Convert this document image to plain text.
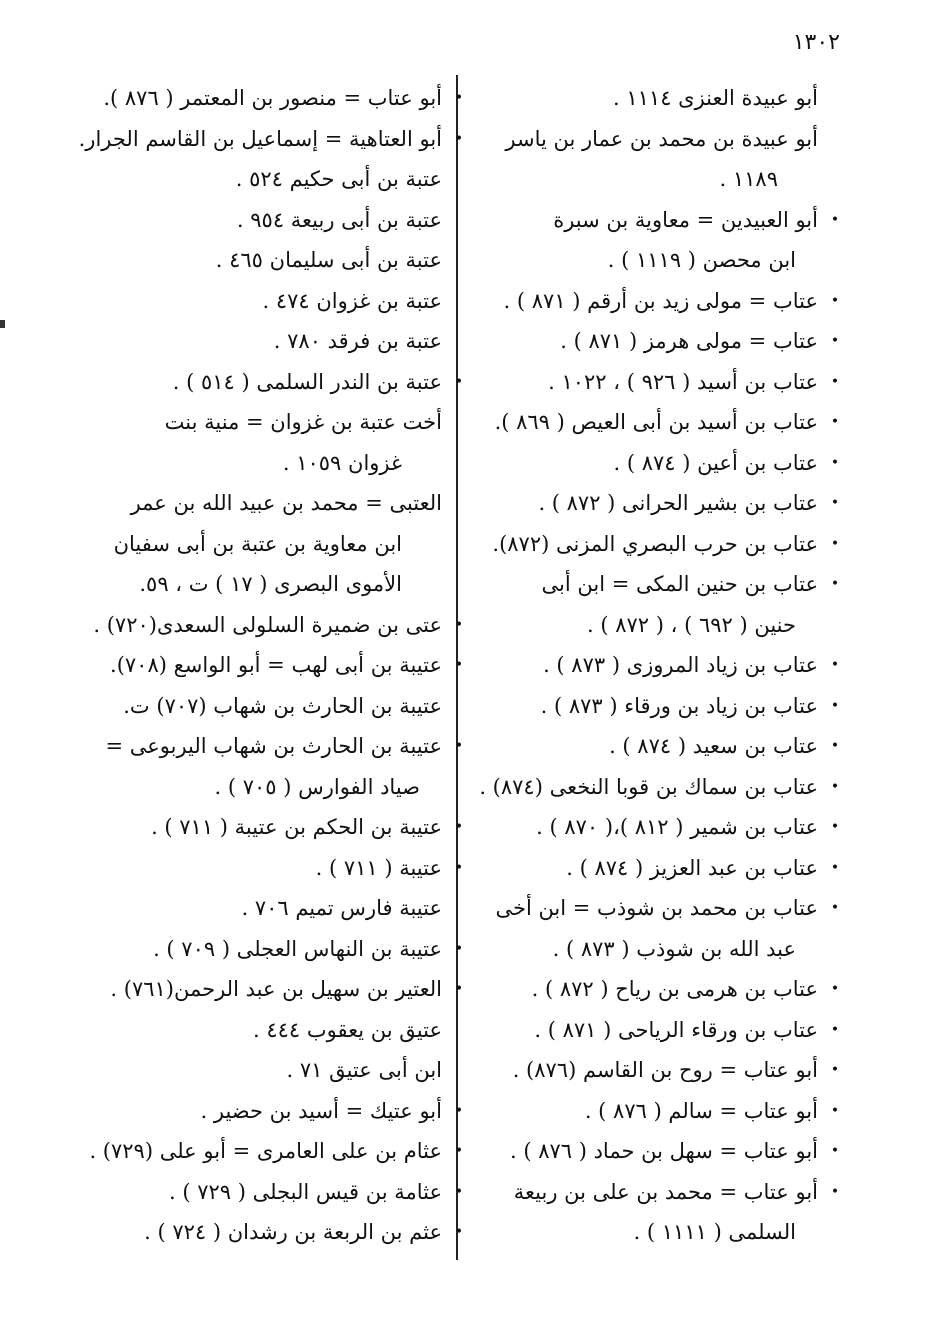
١٣٠٢
أبو عبيدة العنزى ١١١٤ .
أبو عبيدة بن محمد بن عمار بن ياسر
١١٨٩ .
•
أبو العبيدين = معاوية بن سبرة
ابن محصن ( ١١١٩ ) .
•
عتاب = مولى زيد بن أرقم ( ٨٧١ ) .
•
عتاب = مولى هرمز ( ٨٧١ ) .
•
عتاب بن أسيد ( ٩٢٦ ) ، ١٠٢٢ .
•
عتاب بن أسيد بن أبى العيص ( ٨٦٩ ).
•
عتاب بن أعين ( ٨٧٤ ) .
•
عتاب بن بشير الحرانى ( ٨٧٢ ) .
•
عتاب بن حرب البصري المزنى (٨٧٢).
•
عتاب بن حنين المكى = ابن أبى
حنين ( ٦٩٢ ) ، ( ٨٧٢ ) .
•
عتاب بن زياد المروزى ( ٨٧٣ ) .
•
عتاب بن زياد بن ورقاء ( ٨٧٣ ) .
•
عتاب بن سعيد ( ٨٧٤ ) .
•
عتاب بن سماك بن قوبا النخعى (٨٧٤) .
•
عتاب بن شمير ( ٨١٢ )،( ٨٧٠ ) .
•
عتاب بن عبد العزيز ( ٨٧٤ ) .
•
عتاب بن محمد بن شوذب = ابن أخى
عبد الله بن شوذب ( ٨٧٣ ) .
•
عتاب بن هرمى بن رياح ( ٨٧٢ ) .
•
عتاب بن ورقاء الرياحى ( ٨٧١ ) .
•
أبو عتاب = روح بن القاسم (٨٧٦) .
•
أبو عتاب = سالم ( ٨٧٦ ) .
•
أبو عتاب = سهل بن حماد ( ٨٧٦ ) .
•
أبو عتاب = محمد بن على بن ربيعة
السلمى ( ١١١١ ) .
•
أبو عتاب = منصور بن المعتمر ( ٨٧٦ ).
•
أبو العتاهية = إسماعيل بن القاسم الجرار.
عتبة بن أبى حكيم ٥٢٤ .
عتبة بن أبى ربيعة ٩٥٤ .
عتبة بن أبى سليمان ٤٦٥ .
عتبة بن غزوان ٤٧٤ .
عتبة بن فرقد ٧٨٠ .
•
عتبة بن الندر السلمى ( ٥١٤ ) .
أخت عتبة بن غزوان = منية بنت
غزوان ١٠٥٩ .
العتبى = محمد بن عبيد الله بن عمر
ابن معاوية بن عتبة بن أبى سفيان
الأموى البصرى ( ١٧ ) ت ، ٥٩.
•
عتى بن ضميرة السلولى السعدى(٧٢٠) .
•
عتيبة بن أبى لهب = أبو الواسع (٧٠٨).
عتيبة بن الحارث بن شهاب (٧٠٧) ت.
•
عتيبة بن الحارث بن شهاب اليربوعى =
صياد الفوارس ( ٧٠٥ ) .
•
عتيبة بن الحكم بن عتيبة ( ٧١١ ) .
•
عتيبة ( ٧١١ ) .
عتيبة فارس تميم ٧٠٦ .
•
عتيبة بن النهاس العجلى ( ٧٠٩ ) .
•
العتير بن سهيل بن عبد الرحمن(٧٦١) .
عتيق بن يعقوب ٤٤٤ .
ابن أبى عتيق ٧١ .
•
أبو عتيك = أسيد بن حضير .
•
عثام بن على العامرى = أبو على (٧٢٩) .
•
عثامة بن قيس البجلى ( ٧٢٩ ) .
•
عثم بن الربعة بن رشدان ( ٧٢٤ ) .
